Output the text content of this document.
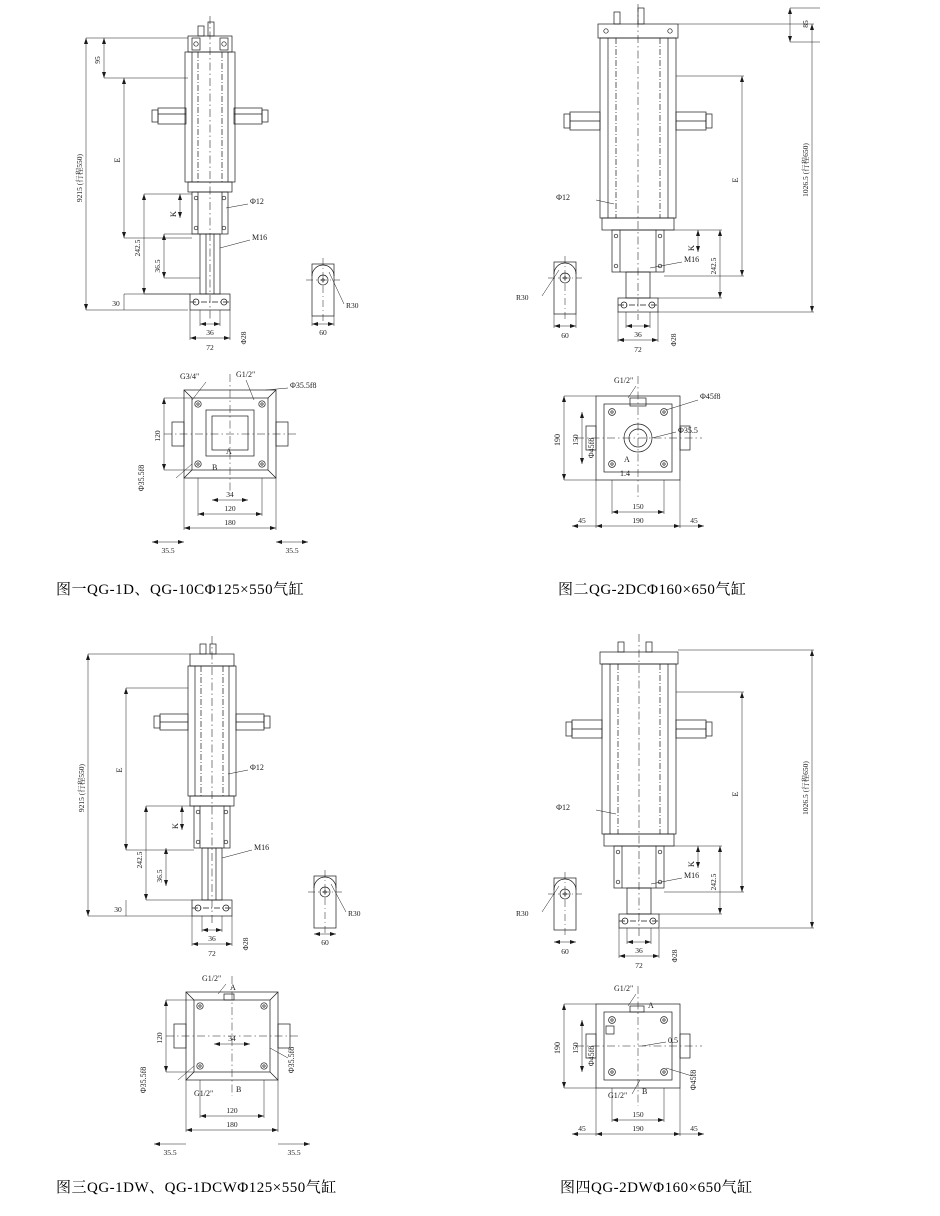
9215 (行程550)
95
E
242.5
36.5
30
K
Φ12
M16
36
72
Φ28	60
R30
G3/4"	G1/2"
Φ35.5f8
120
Φ35.5f8
34
120
180
35.5	35.5
A
B
图一QG-1D、QG-10CΦ125×550气缸
85
1026.5 (行程650)
E
242.5
K
Φ12
M16
36
72
Φ28
60
R30
G1/2"
Φ45f8
190 150 Φ45f8
Φ35.5
150
190
45	45
A
1.4
图二QG-2DCΦ160×650气缸
9215 (行程550)	E
242.5
36.5
30
K
Φ12
M16
36
72
Φ28	60
R30
G1/2"
120
Φ35.5f8
Φ35.5f8
34
G1/2"
120
180
35.5	35.5
A
B
图三QG-1DW、QG-1DCWΦ125×550气缸
1026.5 (行程650)
E
242.5
K
Φ12
M16
36
72
Φ28
60
R30
G1/2"
190 150 Φ45f8
Φ45f8
0.5
G1/2"
150
190
45	45
A
B
图四QG-2DWΦ160×650气缸
